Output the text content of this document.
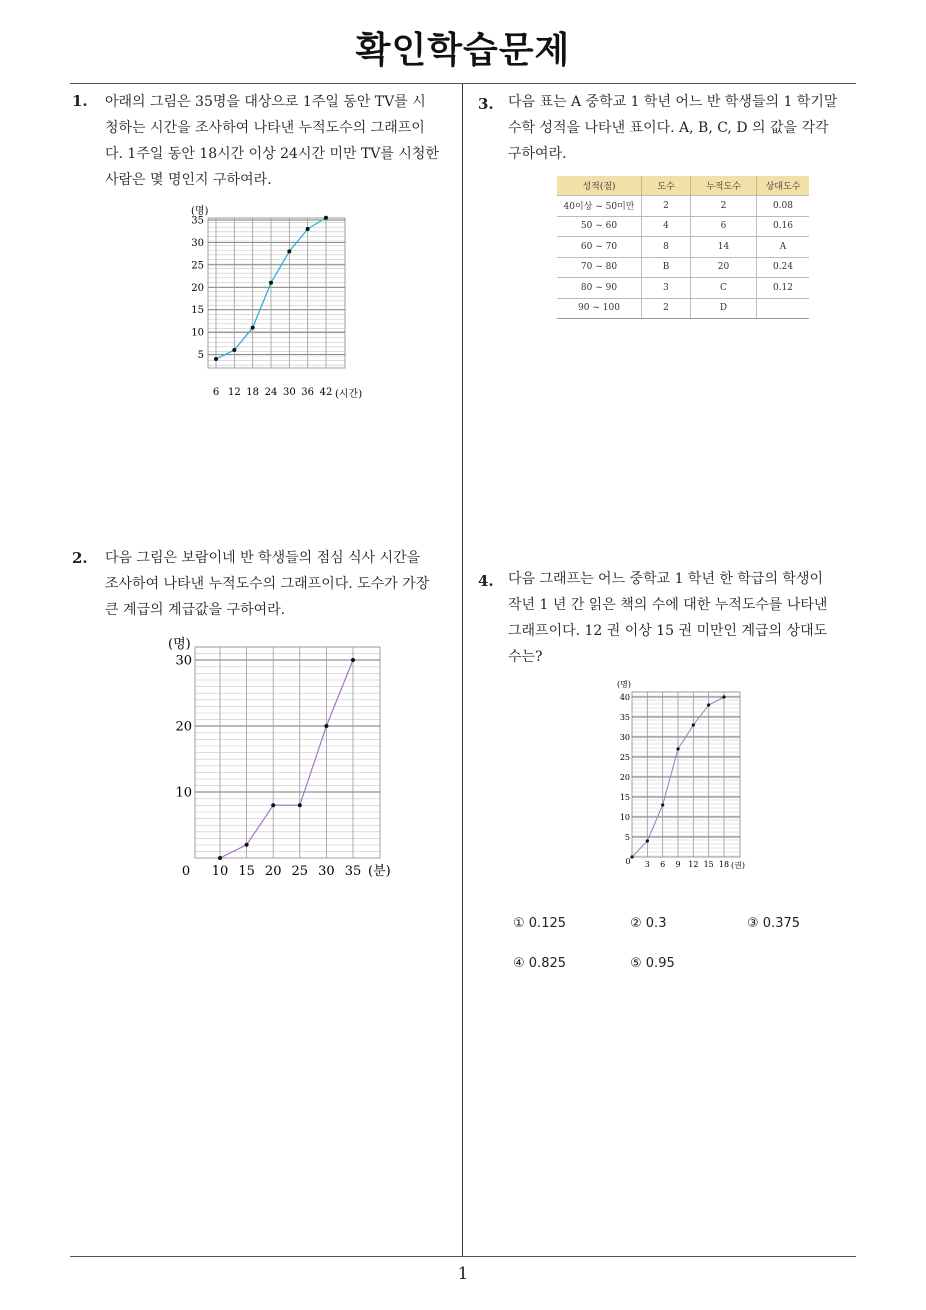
확인학습문제
1. 아래의 그림은 35명을 대상으로 1주일 동안 TV를 시
청하는 시간을 조사하여 나타낸 누적도수의 그래프이
다. 1주일 동안 18시간 이상 24시간 미만 TV를 시청한
사람은 몇 명인지 구하여라.
(명)
(시간)
5
10
15
20
25
30
35
6 12 18 24 30 36 42
2. 다음 그림은 보람이네 반 학생들의 점심 식사 시간을
조사하여 나타낸 누적도수의 그래프이다. 도수가 가장
큰 계급의 계급값을 구하여라.
(명)
0	(분)
10
20
30
10 15 20 25 30 35
3. 다음 표는 A 중학교 1 학년 어느 반 학생들의 1 학기말
수학 성적을 나타낸 표이다. A, B, C, D 의 값을 각각
구하여라.
성적(점)	도수	누적도수	상대도수
40이상 ~ 50미만	2	2	0.08
50 ~ 60	4	6	0.16
60 ~ 70	8	14	A
70 ~ 80	B	20	0.24
80 ~ 90	3	C	0.12
90 ~ 100	2	D	
4. 다음 그래프는 어느 중학교 1 학년 한 학급의 학생이
작년 1 년 간 읽은 책의 수에 대한 누적도수를 나타낸
그래프이다. 12 권 이상 15 권 미만인 계급의 상대도
수는?
(명)
0	(권)
5
10
15
20
25
30
35
40
3 6 9 12 15 18
① 0.125	② 0.3	③ 0.375
④ 0.825	⑤ 0.95
1
